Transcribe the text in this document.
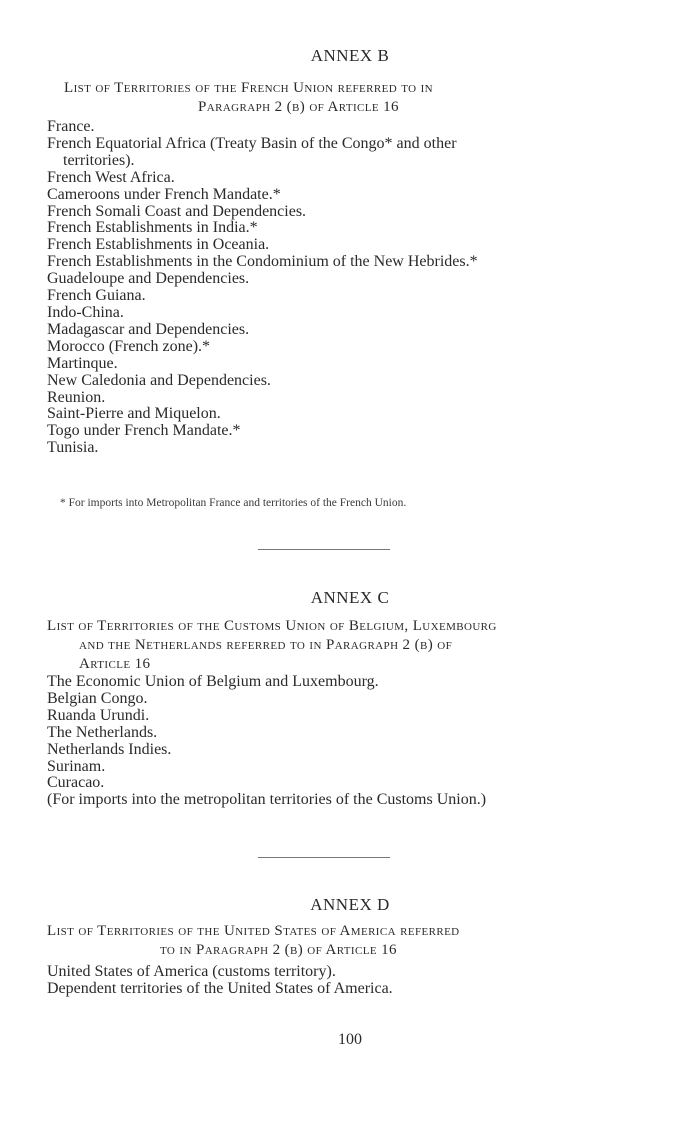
ANNEX B
List of Territories of the French Union referred to in
Paragraph 2 (b) of Article 16
France.
French Equatorial Africa (Treaty Basin of the Congo* and other
territories).
French West Africa.
Cameroons under French Mandate.*
French Somali Coast and Dependencies.
French Establishments in India.*
French Establishments in Oceania.
French Establishments in the Condominium of the New Hebrides.*
Guadeloupe and Dependencies.
French Guiana.
Indo-China.
Madagascar and Dependencies.
Morocco (French zone).*
Martinque.
New Caledonia and Dependencies.
Reunion.
Saint-Pierre and Miquelon.
Togo under French Mandate.*
Tunisia.
* For imports into Metropolitan France and territories of the French Union.
ANNEX C
List of Territories of the Customs Union of Belgium, Luxembourg
and the Netherlands referred to in Paragraph 2 (b) of
Article 16
The Economic Union of Belgium and Luxembourg.
Belgian Congo.
Ruanda Urundi.
The Netherlands.
Netherlands Indies.
Surinam.
Curacao.
(For imports into the metropolitan territories of the Customs Union.)
ANNEX D
List of Territories of the United States of America referred
to in Paragraph 2 (b) of Article 16
United States of America (customs territory).
Dependent territories of the United States of America.
100
